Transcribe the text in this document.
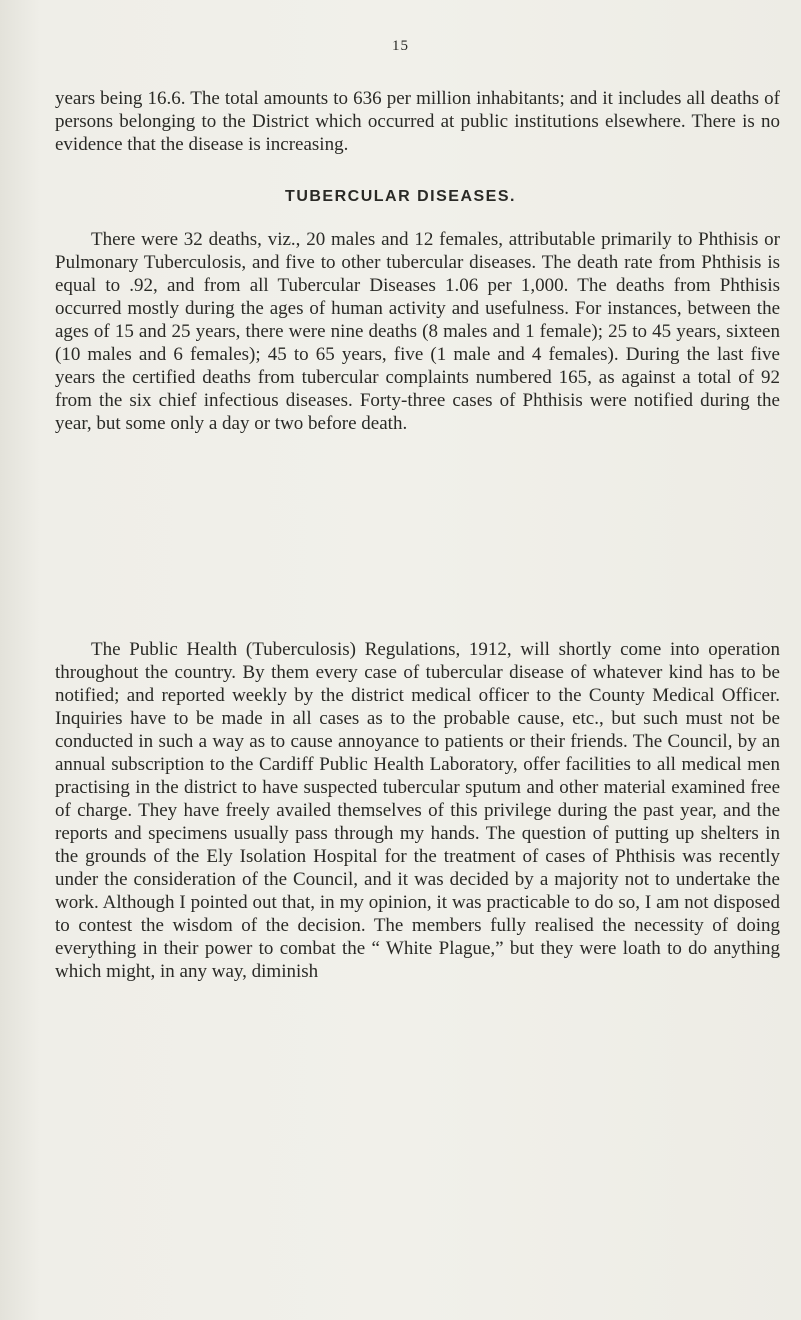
15

years being 16.6. The total amounts to 636 per million inhabitants; and it includes all deaths of persons belonging to the District which occurred at public institutions elsewhere. There is no evidence that the disease is increasing.

TUBERCULAR DISEASES.

There were 32 deaths, viz., 20 males and 12 females, attributable primarily to Phthisis or Pulmonary Tuberculosis, and five to other tubercular diseases. The death rate from Phthisis is equal to .92, and from all Tubercular Diseases 1.06 per 1,000. The deaths from Phthisis occurred mostly during the ages of human activity and usefulness. For instances, between the ages of 15 and 25 years, there were nine deaths (8 males and 1 female); 25 to 45 years, sixteen (10 males and 6 females); 45 to 65 years, five (1 male and 4 females). During the last five years the certified deaths from tubercular complaints numbered 165, as against a total of 92 from the six chief infectious diseases. Forty-three cases of Phthisis were notified during the year, but some only a day or two before death.

The Public Health (Tuberculosis) Regulations, 1912, will shortly come into operation throughout the country. By them every case of tubercular disease of whatever kind has to be notified; and reported weekly by the district medical officer to the County Medical Officer. Inquiries have to be made in all cases as to the probable cause, etc., but such must not be conducted in such a way as to cause annoyance to patients or their friends. The Council, by an annual subscription to the Cardiff Public Health Laboratory, offer facilities to all medical men practising in the district to have suspected tubercular sputum and other material examined free of charge. They have freely availed themselves of this privilege during the past year, and the reports and specimens usually pass through my hands. The question of putting up shelters in the grounds of the Ely Isolation Hospital for the treatment of cases of Phthisis was recently under the consideration of the Council, and it was decided by a majority not to undertake the work. Although I pointed out that, in my opinion, it was practicable to do so, I am not disposed to contest the wisdom of the decision. The members fully realised the necessity of doing everything in their power to combat the “ White Plague,” but they were loath to do anything which might, in any way, diminish
